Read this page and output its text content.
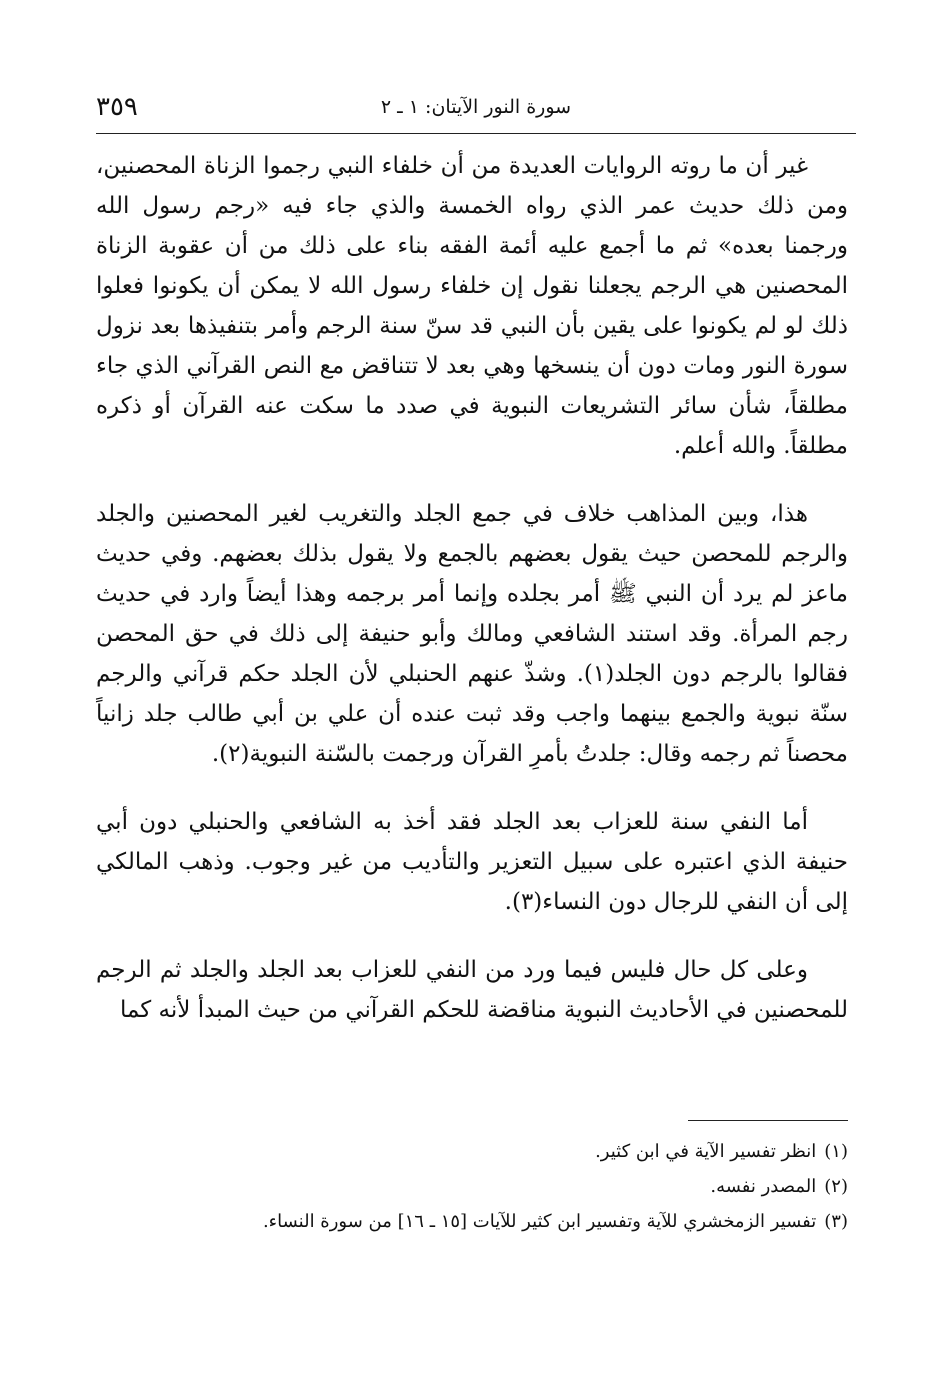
٣٥٩	سورة النور الآيتان: ١ ـ ٢

غير أن ما روته الروايات العديدة من أن خلفاء النبي رجموا الزناة المحصنين، ومن ذلك حديث عمر الذي رواه الخمسة والذي جاء فيه «رجم رسول الله ورجمنا بعده» ثم ما أجمع عليه أئمة الفقه بناء على ذلك من أن عقوبة الزناة المحصنين هي الرجم يجعلنا نقول إن خلفاء رسول الله لا يمكن أن يكونوا فعلوا ذلك لو لم يكونوا على يقين بأن النبي قد سنّ سنة الرجم وأمر بتنفيذها بعد نزول سورة النور ومات دون أن ينسخها وهي بعد لا تتناقض مع النص القرآني الذي جاء مطلقاً، شأن سائر التشريعات النبوية في صدد ما سكت عنه القرآن أو ذكره مطلقاً. والله أعلم.

هذا، وبين المذاهب خلاف في جمع الجلد والتغريب لغير المحصنين والجلد والرجم للمحصن حيث يقول بعضهم بالجمع ولا يقول بذلك بعضهم. وفي حديث ماعز لم يرد أن النبي ﷺ أمر بجلده وإنما أمر برجمه وهذا أيضاً وارد في حديث رجم المرأة. وقد استند الشافعي ومالك وأبو حنيفة إلى ذلك في حق المحصن فقالوا بالرجم دون الجلد(١). وشذّ عنهم الحنبلي لأن الجلد حكم قرآني والرجم سنّة نبوية والجمع بينهما واجب وقد ثبت عنده أن علي بن أبي طالب جلد زانياً محصناً ثم رجمه وقال: جلدتُ بأمرِ القرآن ورجمت بالسّنة النبوية(٢).

أما النفي سنة للعزاب بعد الجلد فقد أخذ به الشافعي والحنبلي دون أبي حنيفة الذي اعتبره على سبيل التعزير والتأديب من غير وجوب. وذهب المالكي إلى أن النفي للرجال دون النساء(٣).

وعلى كل حال فليس فيما ورد من النفي للعزاب بعد الجلد والجلد ثم الرجم للمحصنين في الأحاديث النبوية مناقضة للحكم القرآني من حيث المبدأ لأنه كما

(١)انظر تفسير الآية في ابن كثير.
(٢)المصدر نفسه.
(٣)تفسير الزمخشري للآية وتفسير ابن كثير للآيات [١٥ ـ ١٦] من سورة النساء.
